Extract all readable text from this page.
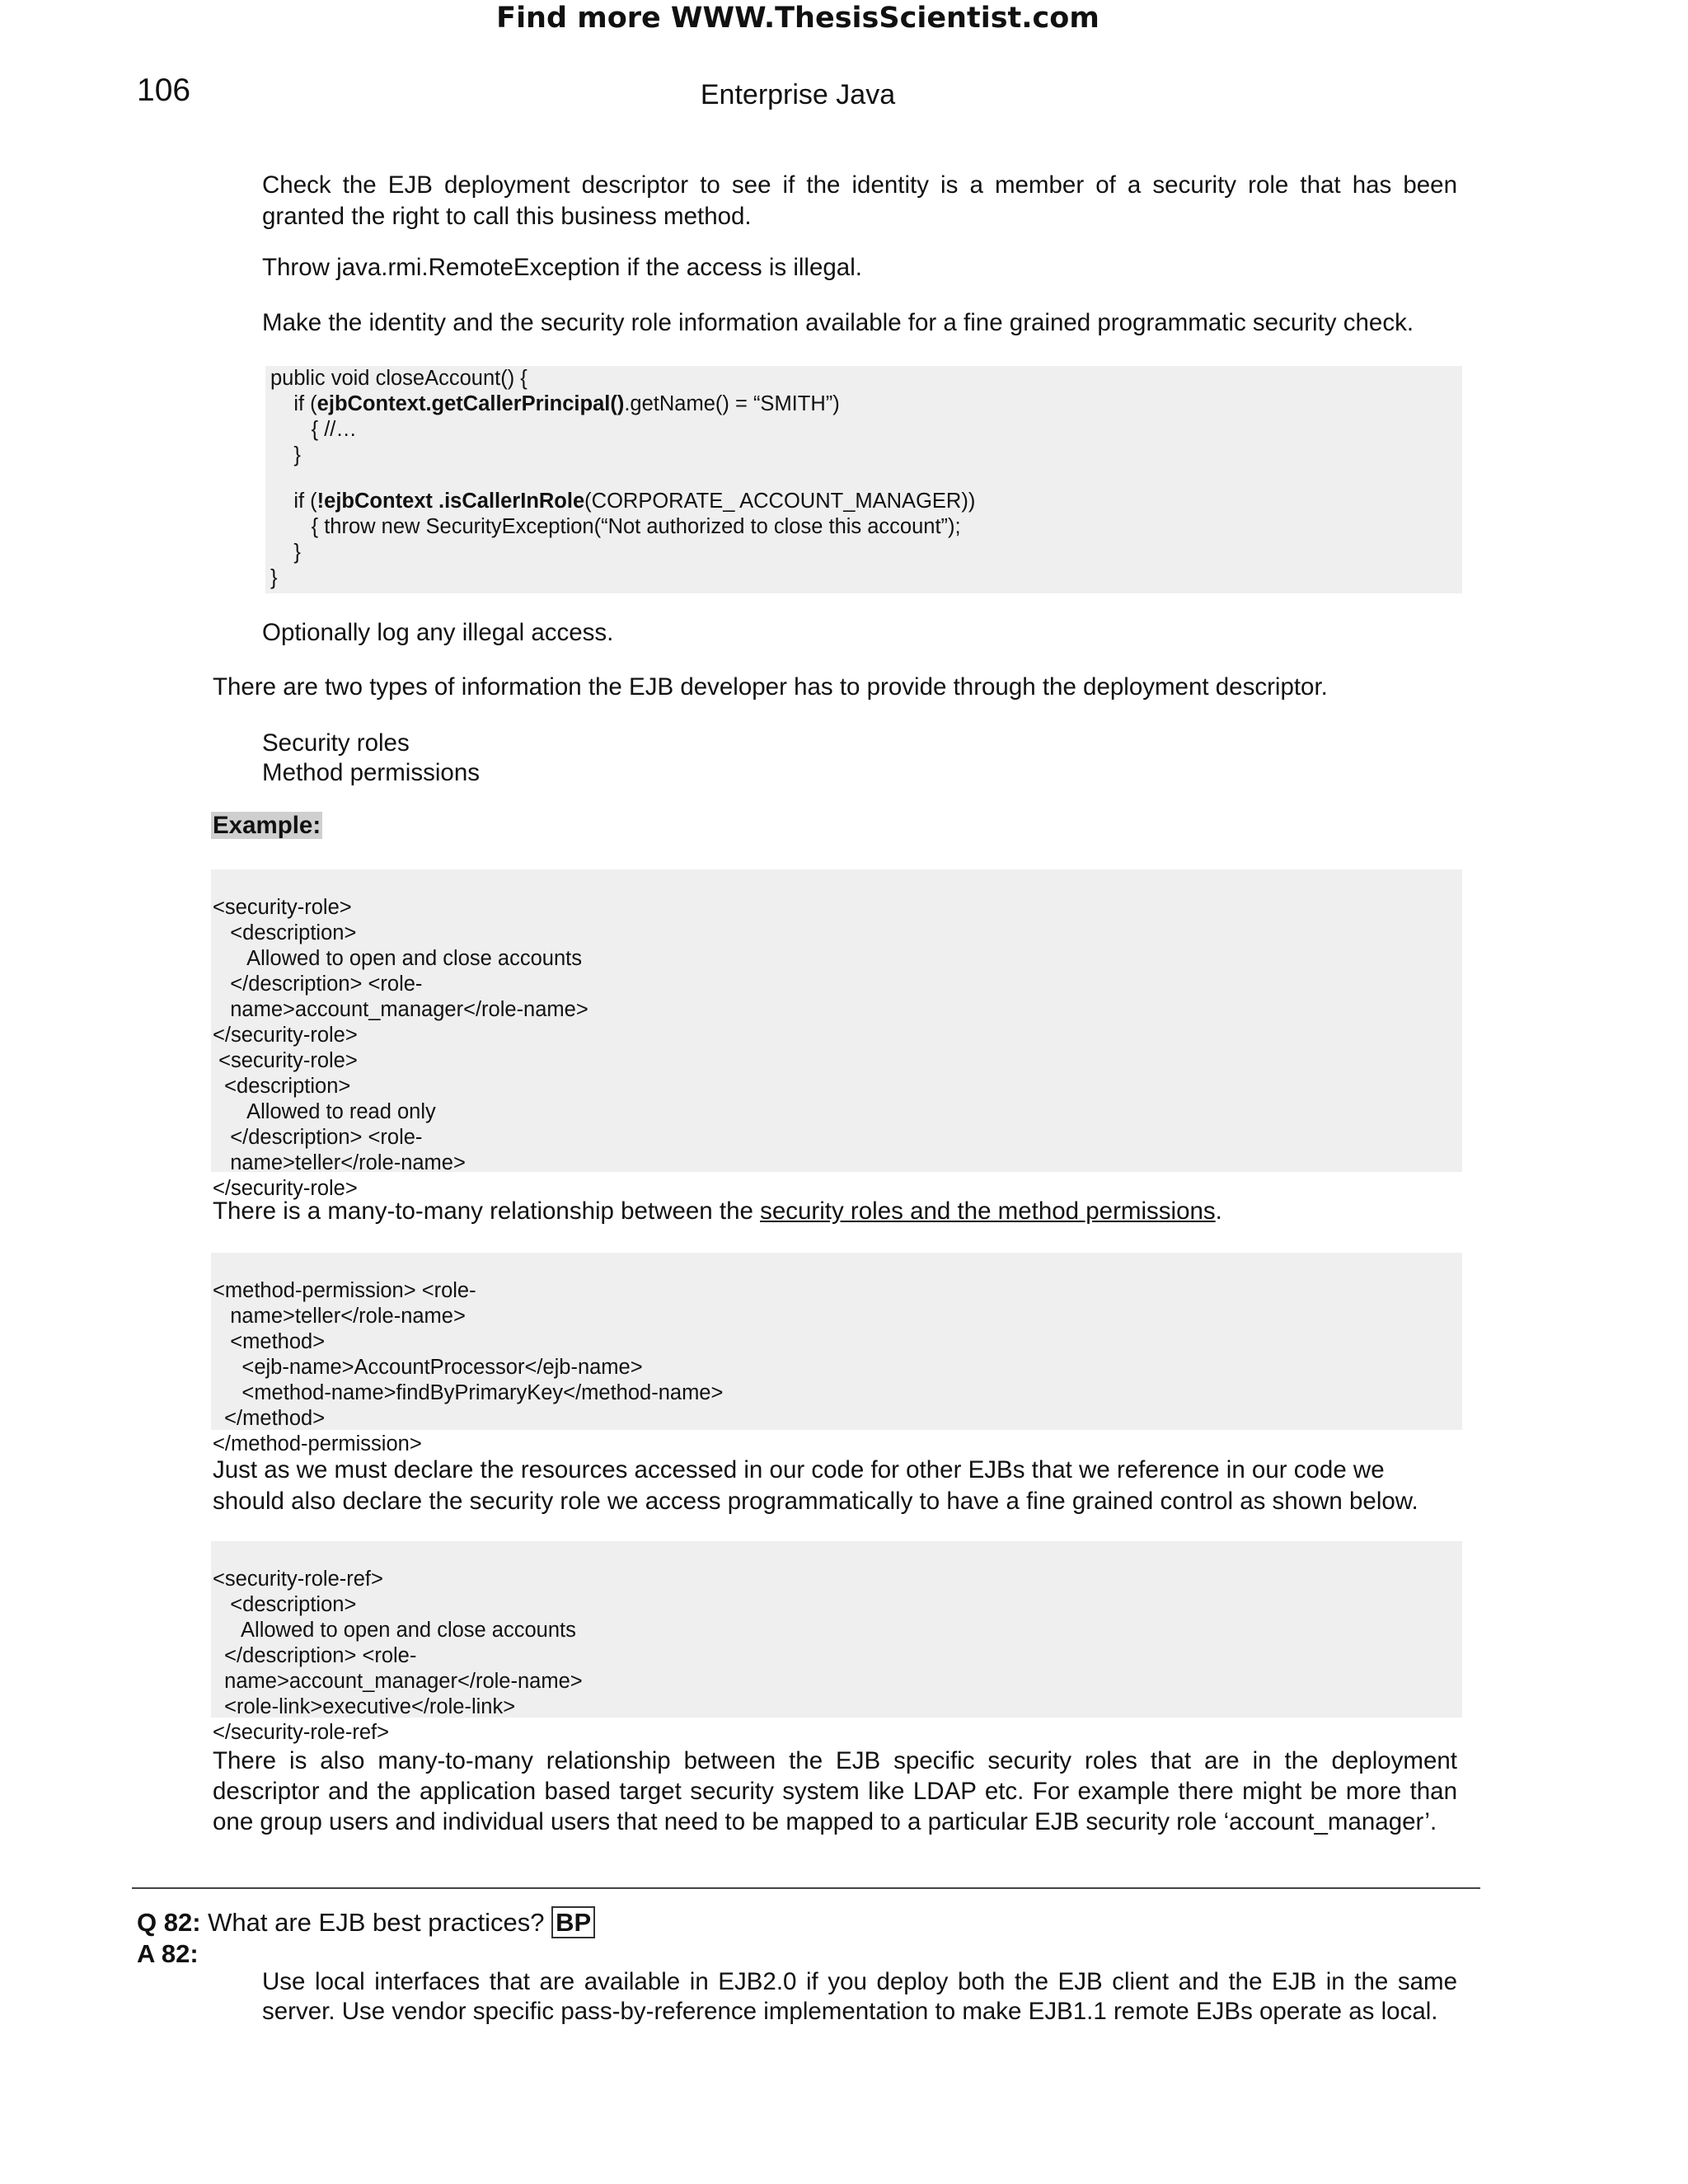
Find more WWW.ThesisScientist.com
106	Enterprise Java
Check the EJB deployment descriptor to see if the identity is a member of a security role that has been
granted the right to call this business method.
Throw java.rmi.RemoteException if the access is illegal.
Make the identity and the security role information available for a fine grained programmatic security check.
public void closeAccount() {
if (ejbContext.getCallerPrincipal().getName() = “SMITH”)
{ //…
}
if (!ejbContext .isCallerInRole(CORPORATE_ ACCOUNT_MANAGER))
{ throw new SecurityException(“Not authorized to close this account”);
}
}
Optionally log any illegal access.
There are two types of information the EJB developer has to provide through the deployment descriptor.
Security roles
Method permissions
Example:

<security-role>
<description>
Allowed to open and close accounts
</description> <role-
name>account_manager</role-name>
</security-role>
<security-role>
<description>
Allowed to read only
</description> <role-
name>teller</role-name>
</security-role>

There is a many-to-many relationship between the security roles and the method permissions.

<method-permission> <role-
name>teller</role-name>
<method>
<ejb-name>AccountProcessor</ejb-name>
<method-name>findByPrimaryKey</method-name>
</method>
</method-permission>

Just as we must declare the resources accessed in our code for other EJBs that we reference in our code we
should also declare the security role we access programmatically to have a fine grained control as shown below.

<security-role-ref>
<description>
Allowed to open and close accounts
</description> <role-
name>account_manager</role-name>
<role-link>executive</role-link>
</security-role-ref>

There is also many-to-many relationship between the EJB specific security roles that are in the deployment
descriptor and the application based target security system like LDAP etc. For example there might be more than
one group users and individual users that need to be mapped to a particular EJB security role ‘account_manager’.
Q 82: What are EJB best practices? BP
A 82:
Use local interfaces that are available in EJB2.0 if you deploy both the EJB client and the EJB in the same
server. Use vendor specific pass-by-reference implementation to make EJB1.1 remote EJBs operate as local.
